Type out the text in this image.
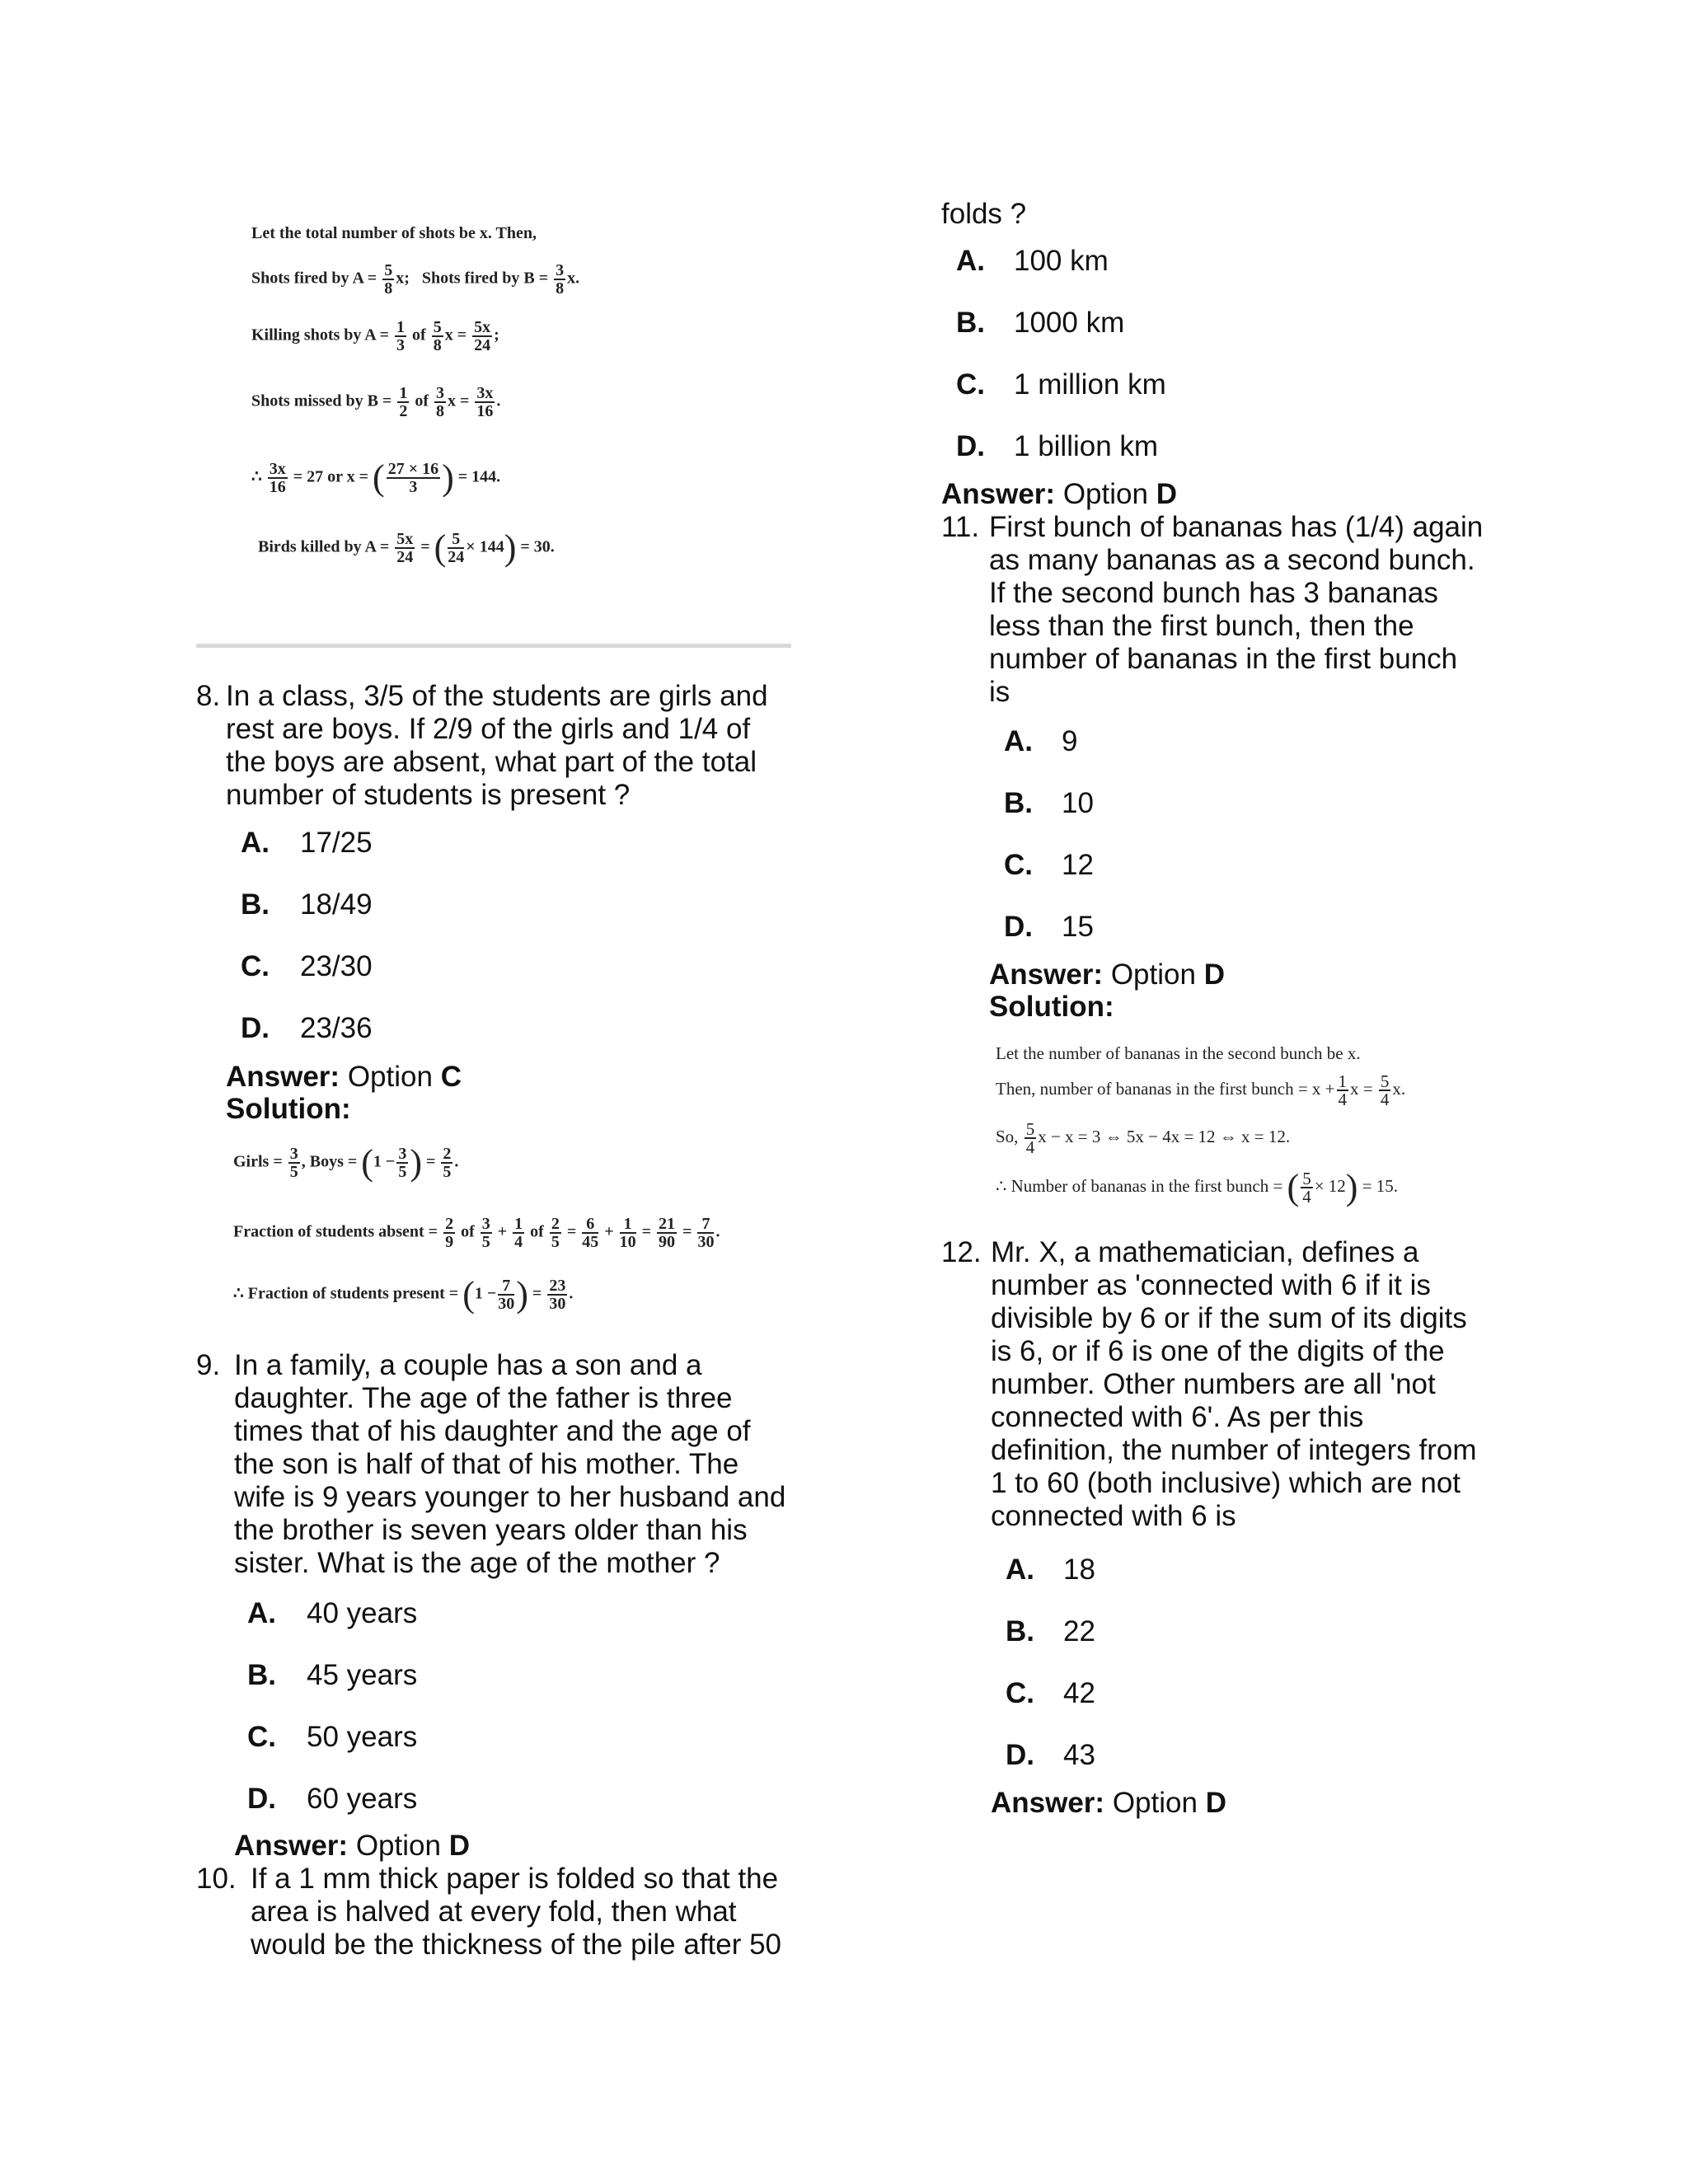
Let the total number of shots be x. Then,
Shots fired by $A = \frac{5}{8} x$; Shots fired by $B = \frac{3}{8} x$.
Killing shots by $A = \frac{1}{3}$ of $\frac{5}{8}$ $x = \frac{5x}{24}$ ;
Shots missed by $B = \frac{1}{2}$ of $\frac{3}{8}$ $x = \frac{3x}{16}$ .
∴ $\frac{3x}{16} = 27$ or x = ( $\frac{27 \times 16}{3}$ ) = 144.
Birds killed by $A = \frac{5x}{24}$ = ( $\frac{5}{24} \times 144) = 30$.
8. In a class, 3/5 of the students are girls and rest are boys. If 2/9 of the girls and 1/4 of the boys are absent, what part of the total number of students is present ?
A. 17/25
B. 18/49
C. 23/30
D. 23/36
Answer: Option C
Solution:
Girls = $\frac{3}{5}$ , Boys = ($1 - \frac{3}{5}$ ) = $\frac{2}{5}$ .
Fraction of students absent = $\frac{2}{9}$ of $\frac{3}{5} + \frac{1}{4}$ of $\frac{2}{5} = \frac{6}{45} + \frac{1}{10} = \frac{21}{90} = \frac{7}{30}$ .
∴ Fraction of students present = ($1 - \frac{7}{30}$ ) = $\frac{23}{30}$ .
9. In a family, a couple has a son and a daughter. The age of the father is three times that of his daughter and the age of the son is half of that of his mother. The wife is 9 years younger to her husband and the brother is seven years older than his sister. What is the age of the mother ?
A. 40 years
B. 45 years
C. 50 years
D. 60 years
Answer: Option D
10. If a 1 mm thick paper is folded so that the area is halved at every fold, then what would be the thickness of the pile after 50
folds ?
A. 100 km
B. 1000 km
C. 1 million km
D. 1 billion km
Answer: Option D
11. First bunch of bananas has (1/4) again as many bananas as a second bunch. If the second bunch has 3 bananas less than the first bunch, then the number of bananas in the first bunch is
A. 9
B. 10
C. 12
D. 15
Answer: Option D
Solution:
Let the number of bananas in the second bunch be x.
Then, number of bananas in the first bunch = $x + \frac{1}{4}$ $x = \frac{5}{4} x$.
So, $\frac{5}{4}$ x − x = 3 ⇔ 5x − 4x = 12 ⇔ x = 12.
∴ Number of bananas in the first bunch = ( $\frac{5}{4} \times 12) = 15$.
12. Mr. X, a mathematician, defines a number as 'connected with 6 if it is divisible by 6 or if the sum of its digits is 6, or if 6 is one of the digits of the number. Other numbers are all 'not connected with 6'. As per this definition, the number of integers from 1 to 60 (both inclusive) which are not connected with 6 is
A. 18
B. 22
C. 42
D. 43
Answer: Option D
